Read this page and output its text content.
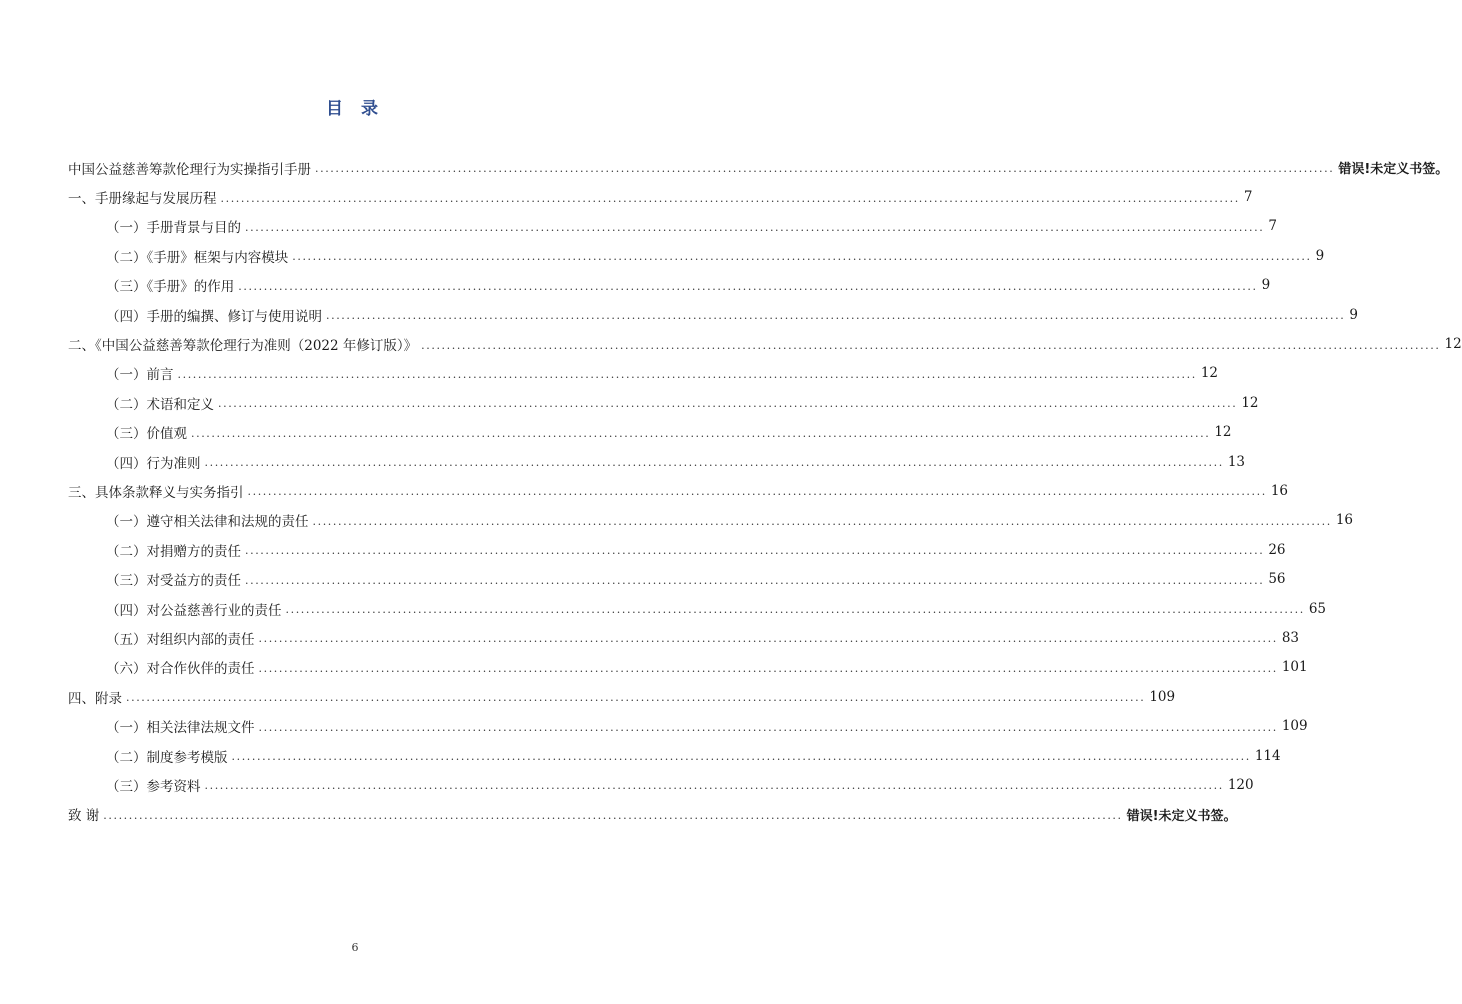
目 录
中国公益慈善筹款伦理行为实操指引手册 ........................................................................................................................................................................................................ 错误!未定义书签。
一、手册缘起与发展历程 ........................................................................................................................................................................................................ 7
（一）手册背景与目的 ........................................................................................................................................................................................................ 7
（二）《手册》框架与内容模块 ........................................................................................................................................................................................................ 9
（三）《手册》的作用 ........................................................................................................................................................................................................ 9
（四）手册的编撰、修订与使用说明 ........................................................................................................................................................................................................ 9
二、《中国公益慈善筹款伦理行为准则（2022 年修订版）》 ........................................................................................................................................................................................................ 12
（一）前言 ........................................................................................................................................................................................................ 12
（二）术语和定义 ........................................................................................................................................................................................................ 12
（三）价值观 ........................................................................................................................................................................................................ 12
（四）行为准则 ........................................................................................................................................................................................................ 13
三、具体条款释义与实务指引 ........................................................................................................................................................................................................ 16
（一）遵守相关法律和法规的责任 ........................................................................................................................................................................................................ 16
（二）对捐赠方的责任 ........................................................................................................................................................................................................ 26
（三）对受益方的责任 ........................................................................................................................................................................................................ 56
（四）对公益慈善行业的责任 ........................................................................................................................................................................................................ 65
（五）对组织内部的责任 ........................................................................................................................................................................................................ 83
（六）对合作伙伴的责任 ........................................................................................................................................................................................................ 101
四、附录 ........................................................................................................................................................................................................ 109
（一）相关法律法规文件 ........................................................................................................................................................................................................ 109
（二）制度参考模版 ........................................................................................................................................................................................................ 114
（三）参考资料 ........................................................................................................................................................................................................ 120
致 谢 ........................................................................................................................................................................................................ 错误!未定义书签。
6
